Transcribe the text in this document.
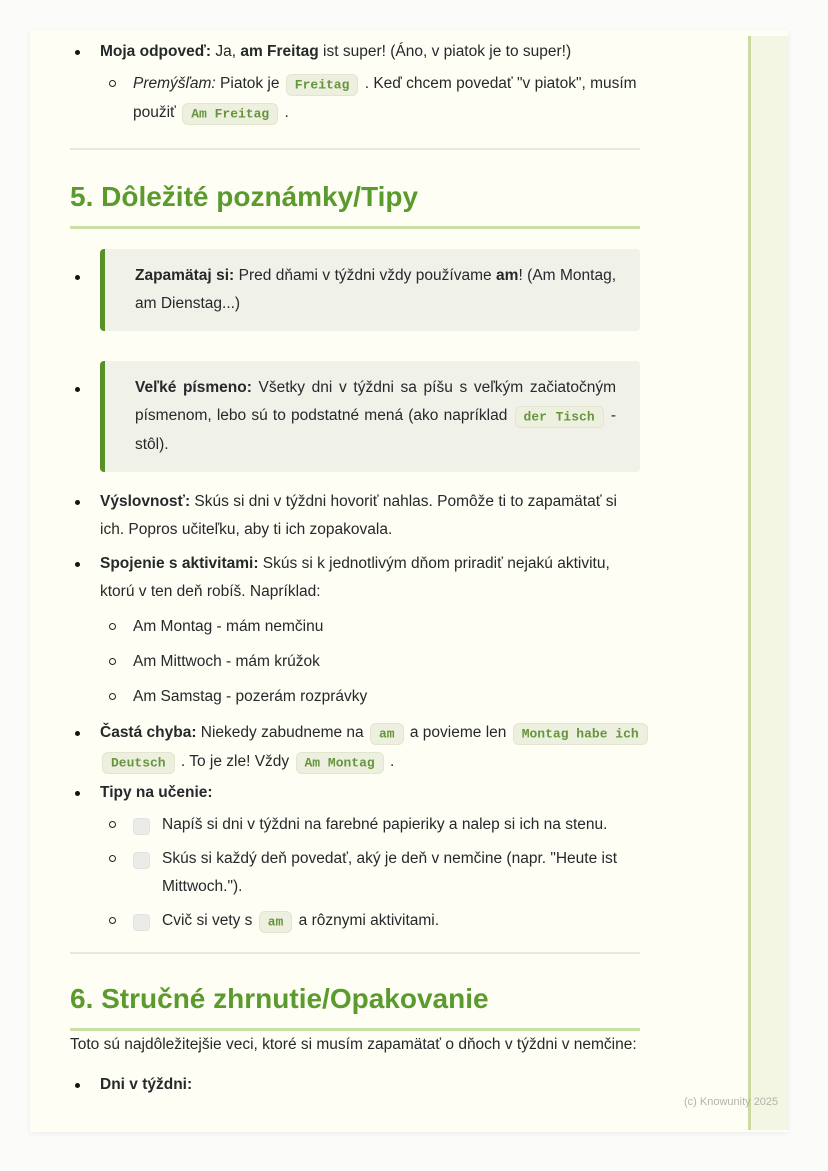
Moja odpoveď: Ja, am Freitag ist super! (Áno, v piatok je to super!)
Premýšľam: Piatok je Freitag . Keď chcem povedať "v piatok", musím použiť Am Freitag .
5. Dôležité poznámky/Tipy
Zapamätaj si: Pred dňami v týždni vždy používame am! (Am Montag, am Dienstag...)
Veľké písmeno: Všetky dni v týždni sa píšu s veľkým začiatočným písmenom, lebo sú to podstatné mená (ako napríklad der Tisch - stôl).
Výslovnosť: Skús si dni v týždni hovoriť nahlas. Pomôže ti to zapamätať si ich. Popros učiteľku, aby ti ich zopakovala.
Spojenie s aktivitami: Skús si k jednotlivým dňom priradiť nejakú aktivitu, ktorú v ten deň robíš. Napríklad:
Am Montag - mám nemčinu
Am Mittwoch - mám krúžok
Am Samstag - pozerám rozprávky
Častá chyba: Niekedy zabudneme na am a povieme len Montag habe ich Deutsch . To je zle! Vždy Am Montag .
Tipy na učenie:
Napíš si dni v týždni na farebné papieriky a nalep si ich na stenu.
Skús si každý deň povedať, aký je deň v nemčine (napr. "Heute ist Mittwoch.").
Cvič si vety s am a rôznymi aktivitami.
6. Stručné zhrnutie/Opakovanie

Toto sú najdôležitejšie veci, ktoré si musím zapamätať o dňoch v týždni v nemčine:

Dni v týždni:
(c) Knowunity 2025
